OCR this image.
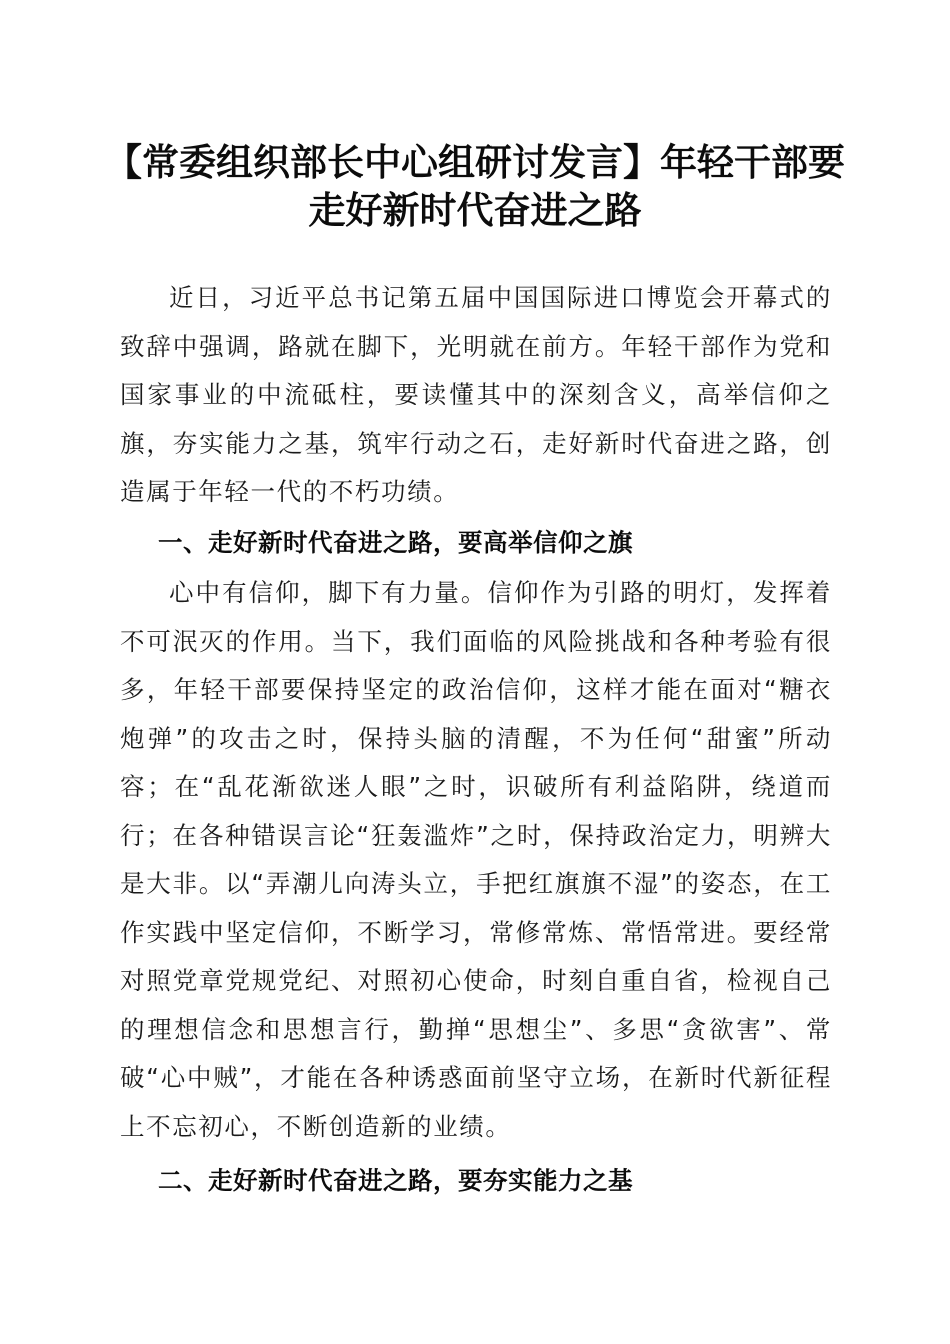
【常委组织部长中心组研讨发言】年轻干部要
走好新时代奋进之路

近日，习近平总书记第五届中国国际进口博览会开幕式的致辞中强调，路就在脚下，光明就在前方。年轻干部作为党和国家事业的中流砥柱，要读懂其中的深刻含义，高举信仰之旗，夯实能力之基，筑牢行动之石，走好新时代奋进之路，创造属于年轻一代的不朽功绩。

一、走好新时代奋进之路，要高举信仰之旗

心中有信仰，脚下有力量。信仰作为引路的明灯，发挥着不可泯灭的作用。当下，我们面临的风险挑战和各种考验有很多，年轻干部要保持坚定的政治信仰，这样才能在面对“糖衣炮弹”的攻击之时，保持头脑的清醒，不为任何“甜蜜”所动容；在“乱花渐欲迷人眼”之时，识破所有利益陷阱，绕道而行；在各种错误言论“狂轰滥炸”之时，保持政治定力，明辨大是大非。以“弄潮儿向涛头立，手把红旗旗不湿”的姿态，在工作实践中坚定信仰，不断学习，常修常炼、常悟常进。要经常对照党章党规党纪、对照初心使命，时刻自重自省，检视自己的理想信念和思想言行，勤掸“思想尘”、多思“贪欲害”、常破“心中贼”，才能在各种诱惑面前坚守立场，在新时代新征程上不忘初心，不断创造新的业绩。

二、走好新时代奋进之路，要夯实能力之基
